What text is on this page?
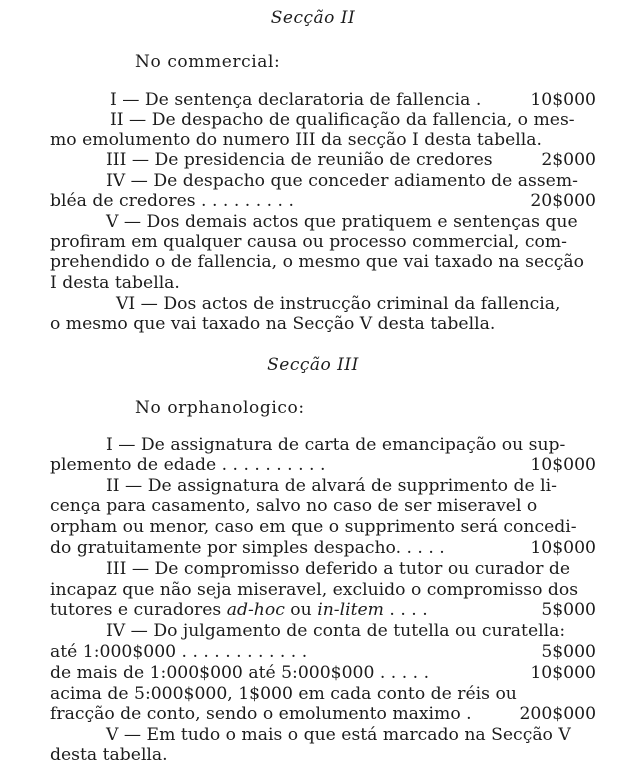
Secção II
No commercial:
I — De sentença declaratoria de fallencia .	10$000
II — De despacho de qualificação da fallencia, o mes-
mo emolumento do numero III da secção I desta tabella.
III — De presidencia de reunião de credores	2$000
IV — De despacho que conceder adiamento de assem-
bléa de credores . . . . . . . . .	20$000
V — Dos demais actos que pratiquem e sentenças que
profiram em qualquer causa ou processo commercial, com-
prehendido o de fallencia, o mesmo que vai taxado na secção
I desta tabella.
VI — Dos actos de instrucção criminal da fallencia,
o mesmo que vai taxado na Secção V desta tabella.
Secção III
No orphanologico:
I — De assignatura de carta de emancipação ou sup-
plemento de edade . . . . . . . . . .	10$000
II — De assignatura de alvará de supprimento de li-
cença para casamento, salvo no caso de ser miseravel o
orpham ou menor, caso em que o supprimento será concedi-
do gratuitamente por simples despacho. . . . .	10$000
III — De compromisso deferido a tutor ou curador de
incapaz que não seja miseravel, excluido o compromisso dos
tutores e curadores ad-hoc ou in-litem . . . .	5$000
IV — Do julgamento de conta de tutella ou curatella:
até 1:000$000 . . . . . . . . . . . .	5$000
de mais de 1:000$000 até 5:000$000 . . . . .	10$000
acima de 5:000$000, 1$000 em cada conto de réis ou
fracção de conto, sendo o emolumento maximo .	200$000
V — Em tudo o mais o que está marcado na Secção V
desta tabella.
